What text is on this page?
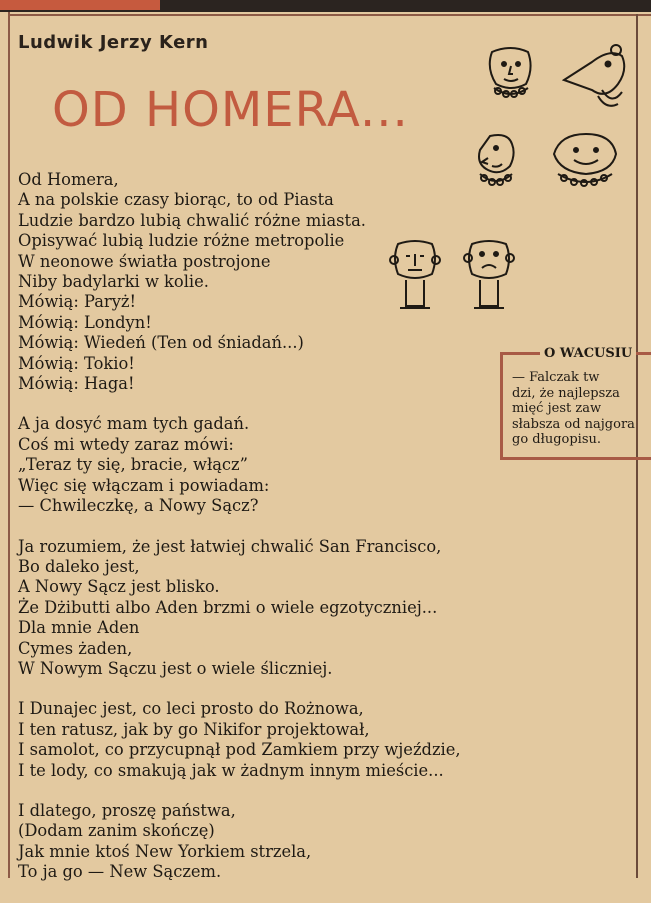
Ludwik Jerzy Kern
OD HOMERA...
Od Homera,
A na polskie czasy biorąc, to od Piasta
Ludzie bardzo lubią chwalić różne miasta.
Opisywać lubią ludzie różne metropolie
W neonowe światła postrojone
Niby badylarki w kolie.
Mówią: Paryż!
Mówią: Londyn!
Mówią: Wiedeń (Ten od śniadań...)
Mówią: Tokio!
Mówią: Haga!
A ja dosyć mam tych gadań.
Coś mi wtedy zaraz mówi:
„Teraz ty się, bracie, włącz”
Więc się włączam i powiadam:
— Chwileczkę, a Nowy Sącz?
Ja rozumiem, że jest łatwiej chwalić San Francisco,
Bo daleko jest,
A Nowy Sącz jest blisko.
Że Dżibutti albo Aden brzmi o wiele egzotyczniej...
Dla mnie Aden
Cymes żaden,
W Nowym Sączu jest o wiele śliczniej.
I Dunajec jest, co leci prosto do Rożnowa,
I ten ratusz, jak by go Nikifor projektował,
I samolot, co przycupnął pod Zamkiem przy wjeździe,
I te lody, co smakują jak w żadnym innym mieście...
I dlatego, proszę państwa,
(Dodam zanim skończę)
Jak mnie ktoś New Yorkiem strzela,
To ja go — New Sączem.
O WACUSIU
— Falczak tw
dzi, że najlepsza
mięć jest zaw
słabsza od najgora
go długopisu.
